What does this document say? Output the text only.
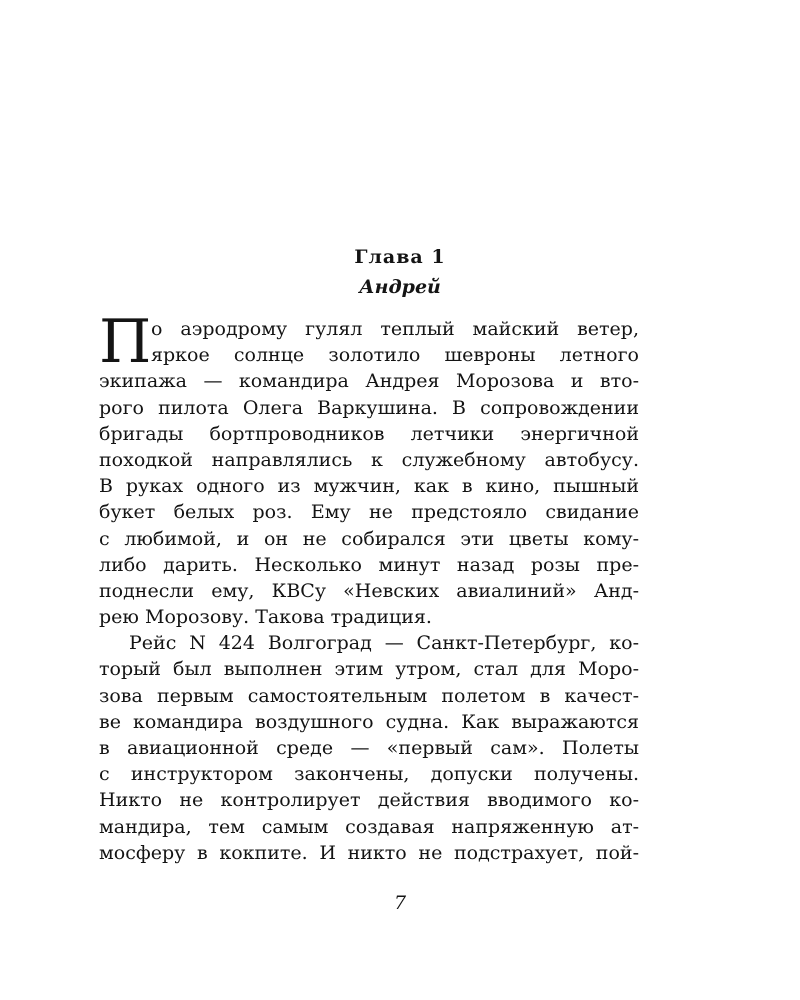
Глава 1
Андрей
П о аэродрому гулял теплый майский ветер,
яркое солнце золотило шевроны летного
экипажа — командира Андрея Морозова и вто-
рого пилота Олега Варкушина. В сопровождении
бригады бортпроводников летчики энергичной
походкой направлялись к служебному автобусу.
В руках одного из мужчин, как в кино, пышный
букет белых роз. Ему не предстояло свидание
с любимой, и он не собирался эти цветы кому-
либо дарить. Несколько минут назад розы пре-
поднесли ему, КВСу «Невских авиалиний» Анд-
рею Морозову. Такова традиция.
Рейс N 424 Волгоград — Санкт-Петербург, ко-
торый был выполнен этим утром, стал для Моро-
зова первым самостоятельным полетом в качест-
ве командира воздушного судна. Как выражаются
в авиационной среде — «первый сам». Полеты
с инструктором закончены, допуски получены.
Никто не контролирует действия вводимого ко-
мандира, тем самым создавая напряженную ат-
мосферу в кокпите. И никто не подстрахует, пой-
7
